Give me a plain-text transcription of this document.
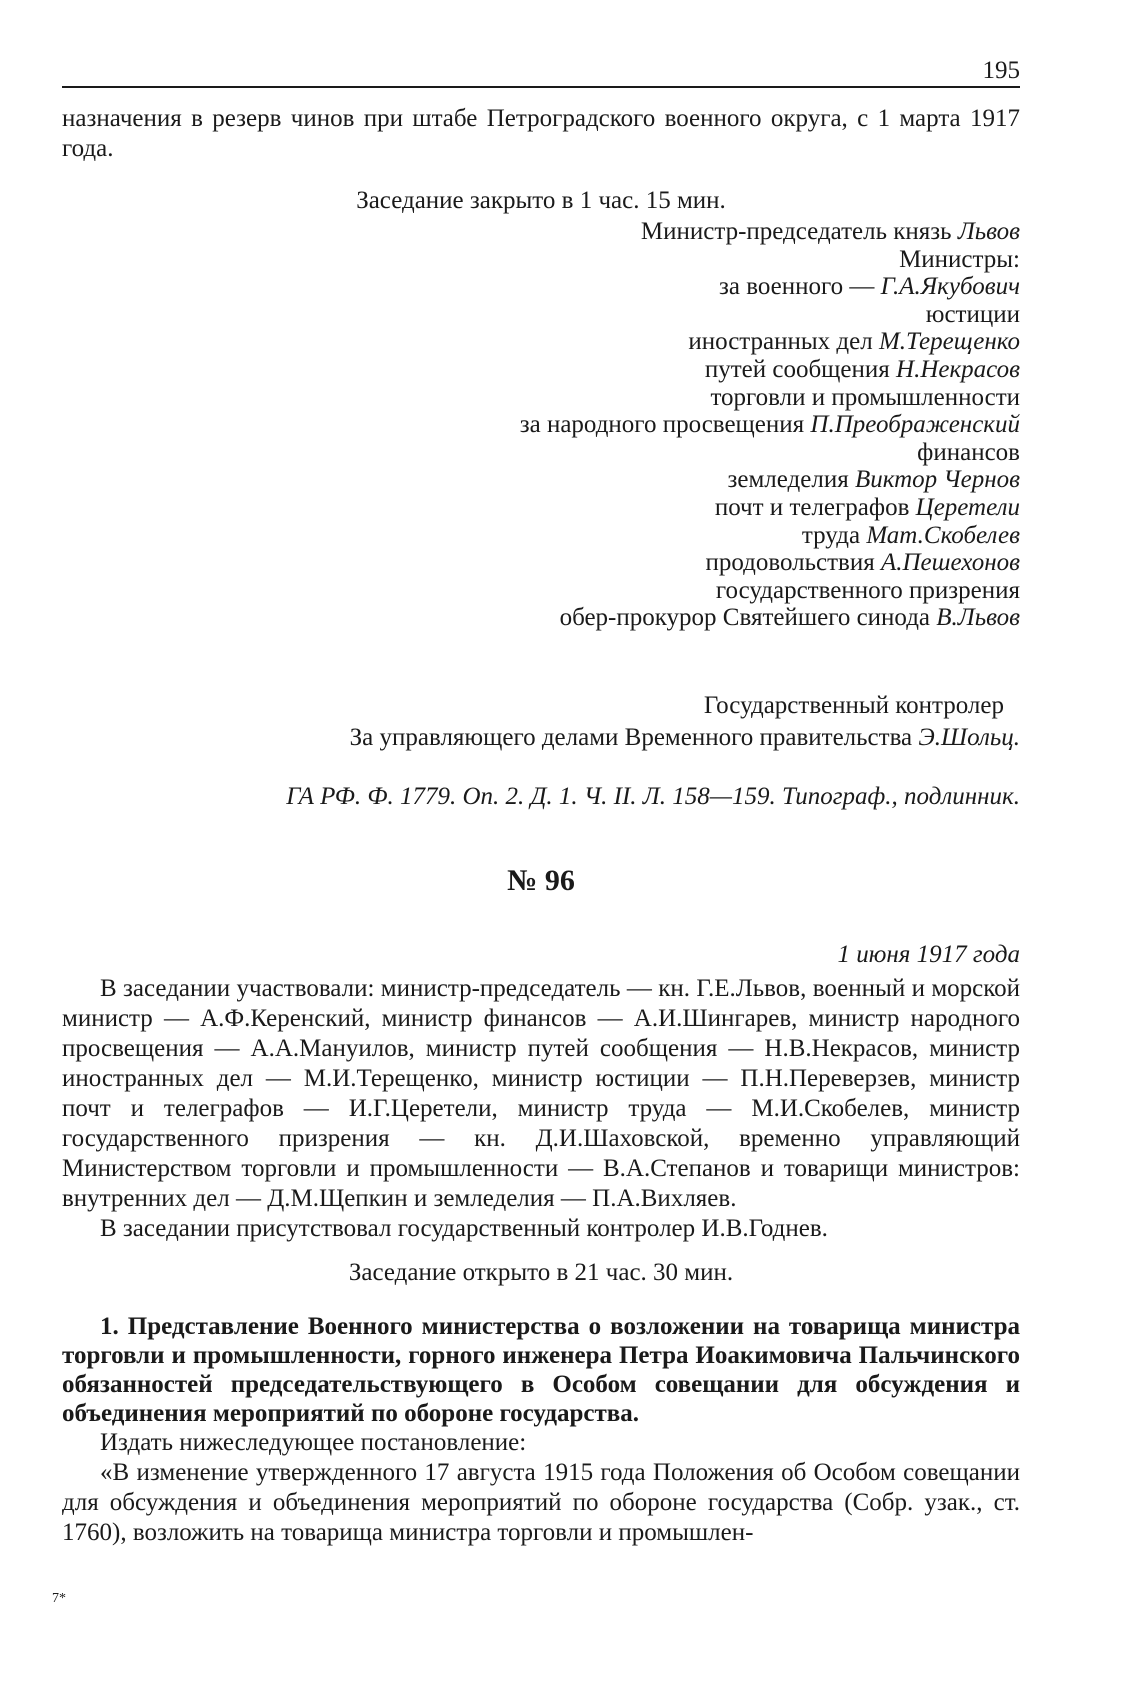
195

назначения в резерв чинов при штабе Петроградского военного округа, с 1 марта 1917 года.

Заседание закрыто в 1 час. 15 мин.

Министр-председатель князь Львов
Министры:
за военного — Г.А.Якубович
юстиции
иностранных дел М.Терещенко
путей сообщения Н.Некрасов
торговли и промышленности
за народного просвещения П.Преображенский
финансов
земледелия Виктор Чернов
почт и телеграфов Церетели
труда Мат.Скобелев
продовольствия А.Пешехонов
государственного призрения
обер-прокурор Святейшего синода В.Львов
Государственный контролер
За управляющего делами Временного правительства Э.Шольц.
ГА РФ. Ф. 1779. Оп. 2. Д. 1. Ч. II. Л. 158—159. Типограф., подлинник.

№ 96

1 июня 1917 года

В заседании участвовали: министр-председатель — кн. Г.Е.Львов, военный и морской министр — А.Ф.Керенский, министр финансов — А.И.Шингарев, министр народного просвещения — А.А.Мануилов, министр путей сообщения — Н.В.Некрасов, министр иностранных дел — М.И.Терещенко, министр юстиции — П.Н.Переверзев, министр почт и телеграфов — И.Г.Церетели, министр труда — М.И.Скобелев, министр государственного призрения — кн. Д.И.Шаховской, временно управляющий Министерством торговли и промышленности — В.А.Степанов и товарищи министров: внутренних дел — Д.М.Щепкин и земледелия — П.А.Вихляев.

В заседании присутствовал государственный контролер И.В.Годнев.

Заседание открыто в 21 час. 30 мин.

1. Представление Военного министерства о возложении на товарища министра торговли и промышленности, горного инженера Петра Иоакимовича Пальчинского обязанностей председательствующего в Особом совещании для обсуждения и объединения мероприятий по обороне государства.

Издать нижеследующее постановление:

«В изменение утвержденного 17 августа 1915 года Положения об Особом совещании для обсуждения и объединения мероприятий по обороне государства (Собр. узак., ст. 1760), возложить на товарища министра торговли и промышлен-

7*
